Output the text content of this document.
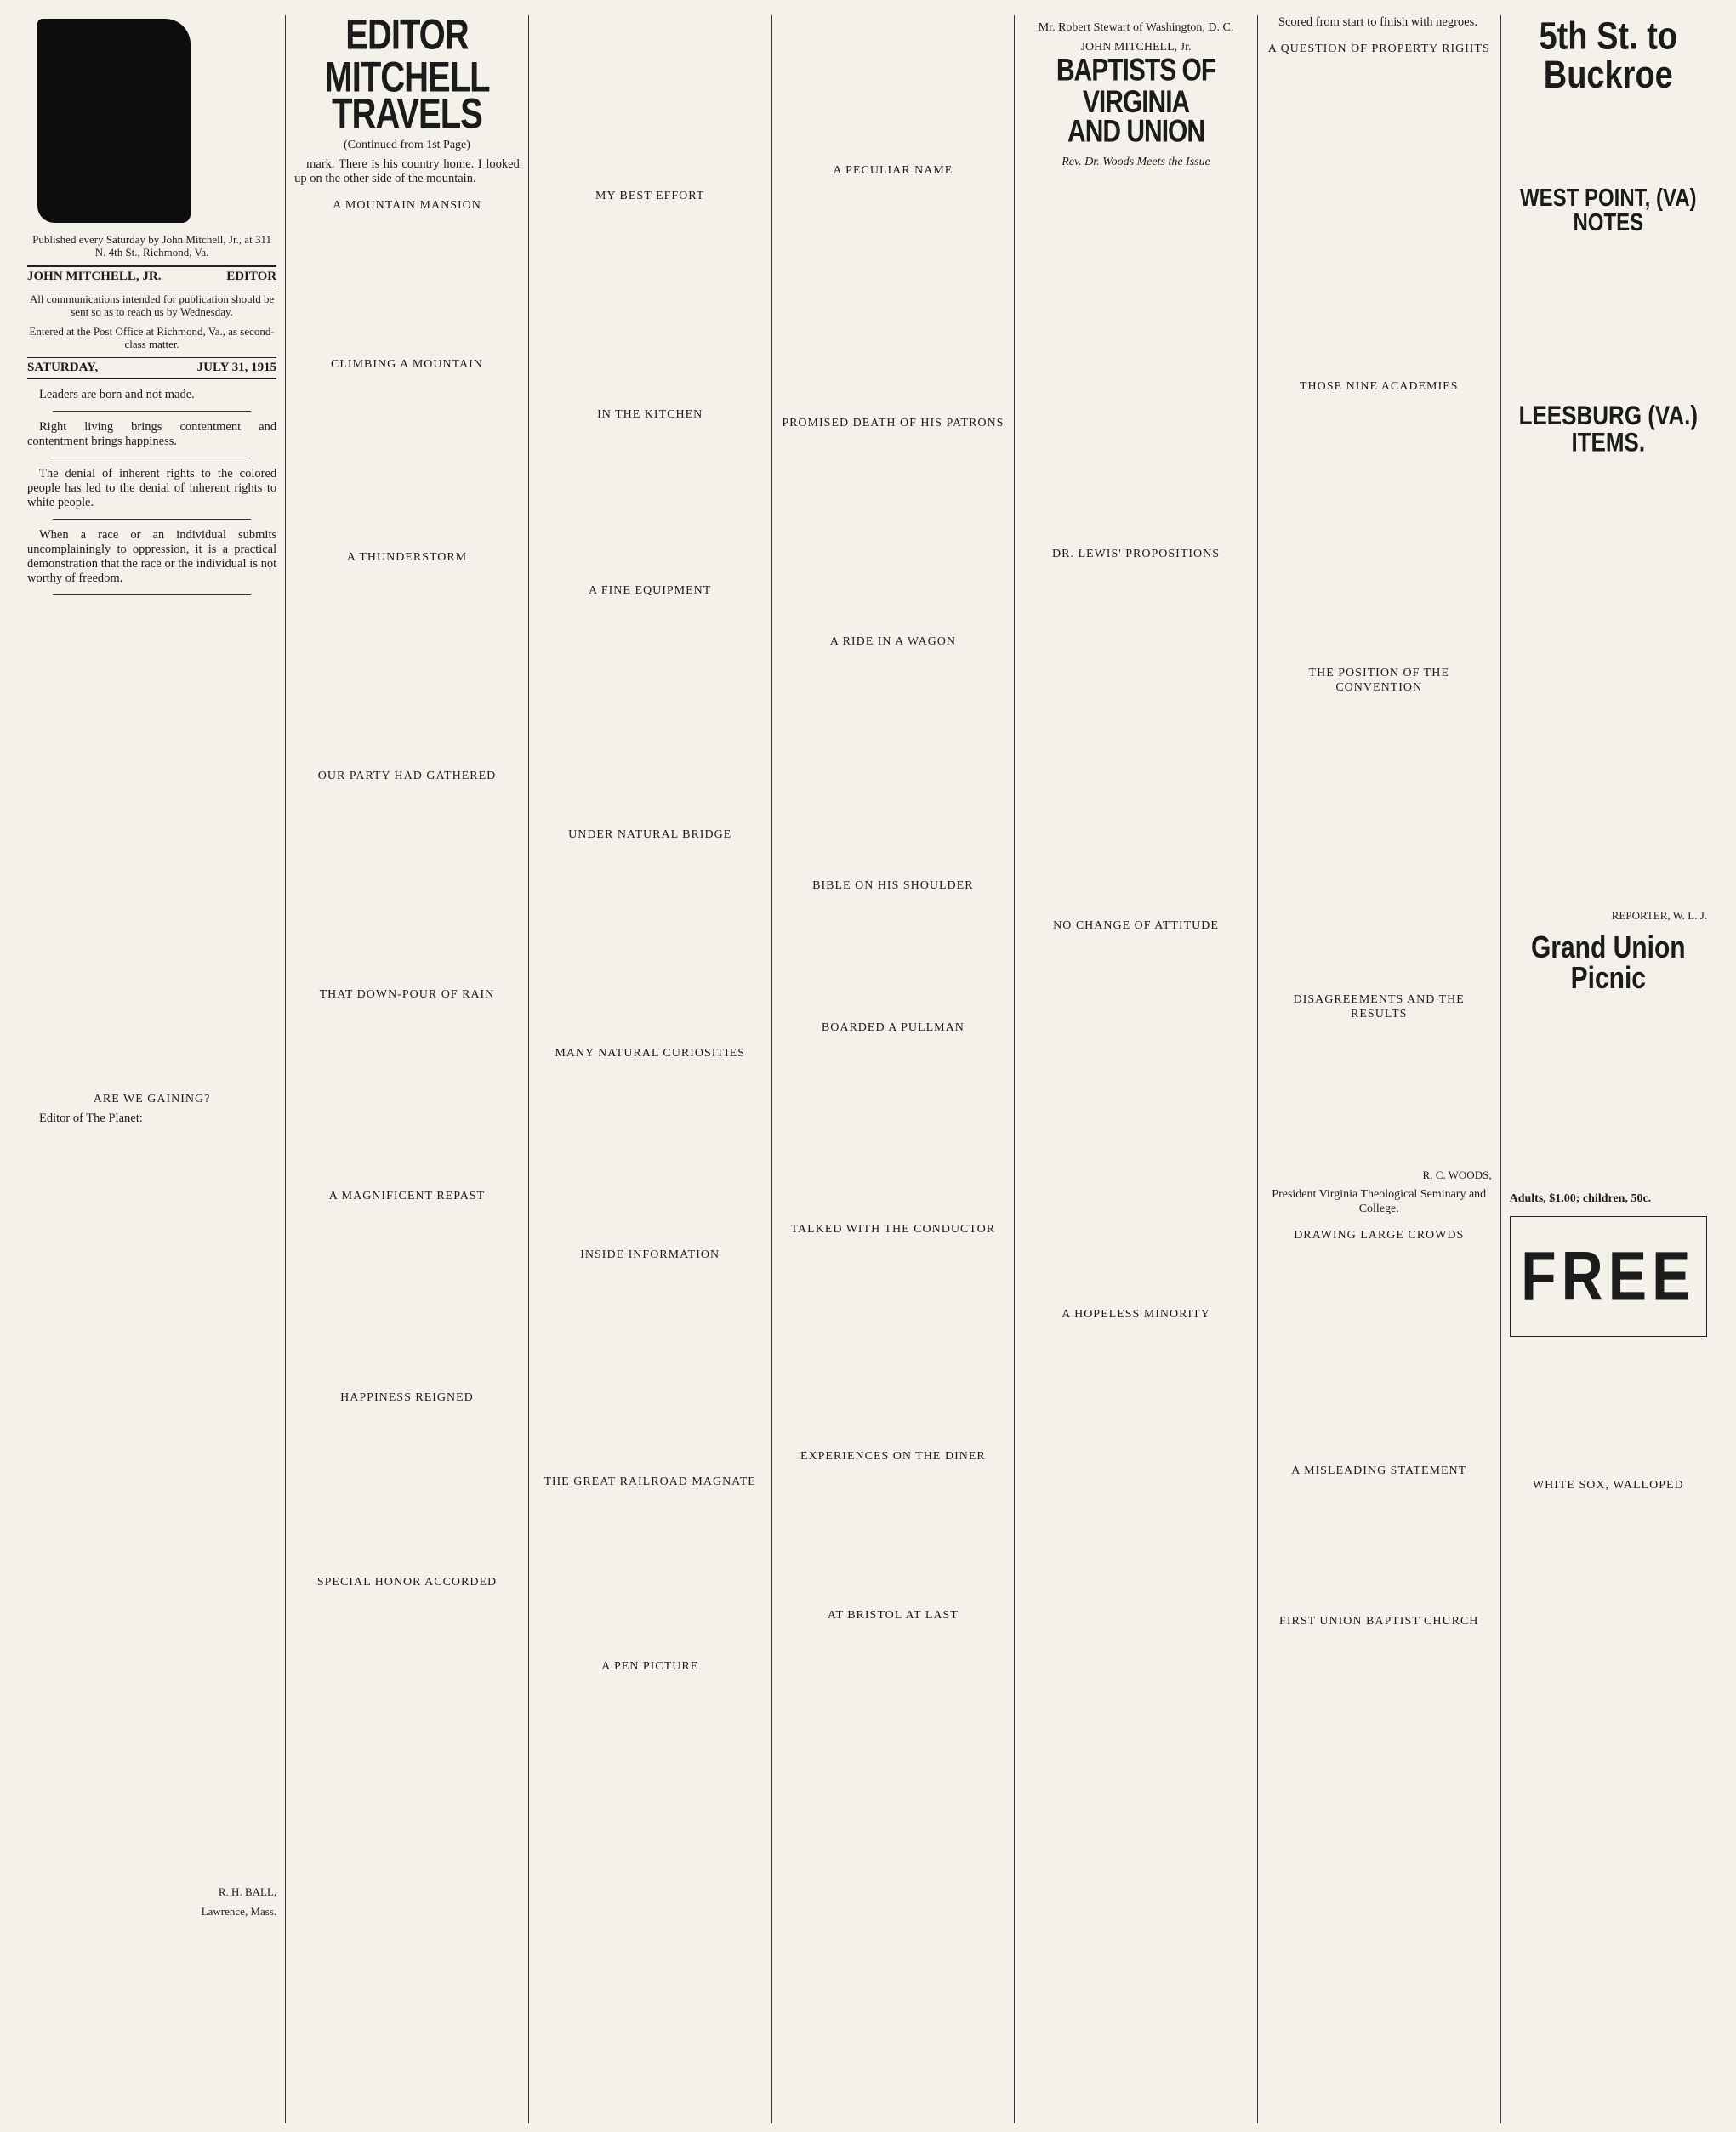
Published every Saturday by John Mitchell, Jr., at 311 N. 4th St., Richmond, Va.
JOHN MITCHELL, JR.	EDITOR
All communications intended for publication should be sent so as to reach us by Wednesday.
Entered at the Post Office at Richmond, Va., as second-class matter.
SATURDAY,	JULY 31, 1915

Leaders are born and not made.

Right living brings contentment and contentment brings happiness.

The denial of inherent rights to the colored people has led to the denial of inherent rights to white people.

When a race or an individual submits uncomplainingly to oppression, it is a practical demonstration that the race or the individual is not worthy of freedom.

ARE WE GAINING?

Editor of The Planet:

R. H. BALL,
Lawrence, Mass.
EDITOR MITCHELL
TRAVELS
(Continued from 1st Page)

mark. There is his country home. I looked up on the other side of the mountain.

A MOUNTAIN MANSION
CLIMBING A MOUNTAIN
A THUNDERSTORM
OUR PARTY HAD GATHERED
THAT DOWN-POUR OF RAIN
A MAGNIFICENT REPAST
HAPPINESS REIGNED
SPECIAL HONOR ACCORDED
MY BEST EFFORT
IN THE KITCHEN
A FINE EQUIPMENT
UNDER NATURAL BRIDGE
MANY NATURAL CURIOSITIES
INSIDE INFORMATION
THE GREAT RAILROAD MAGNATE
A PEN PICTURE
A PECULIAR NAME
PROMISED DEATH OF HIS PATRONS
A RIDE IN A WAGON
BIBLE ON HIS SHOULDER
BOARDED A PULLMAN
TALKED WITH THE CONDUCTOR
EXPERIENCES ON THE DINER
AT BRISTOL AT LAST
Mr. Robert Stewart of Washington, D. C.
JOHN MITCHELL, Jr.
BAPTISTS OF VIRGINIA
AND UNION
Rev. Dr. Woods Meets the Issue
DR. LEWIS' PROPOSITIONS
NO CHANGE OF ATTITUDE
A HOPELESS MINORITY

Scored from start to finish with negroes.

A QUESTION OF PROPERTY RIGHTS
THOSE NINE ACADEMIES
THE POSITION OF THE CONVENTION
DISAGREEMENTS AND THE RESULTS
R. C. WOODS,
President Virginia Theological Seminary and College.
DRAWING LARGE CROWDS
A MISLEADING STATEMENT
FIRST UNION BAPTIST CHURCH
5th St. to Buckroe
WEST POINT, (VA) NOTES
LEESBURG (VA.) ITEMS.
REPORTER, W. L. J.
Grand Union Picnic
Adults, $1.00; children, 50c.
FREE
WHITE SOX, WALLOPED
